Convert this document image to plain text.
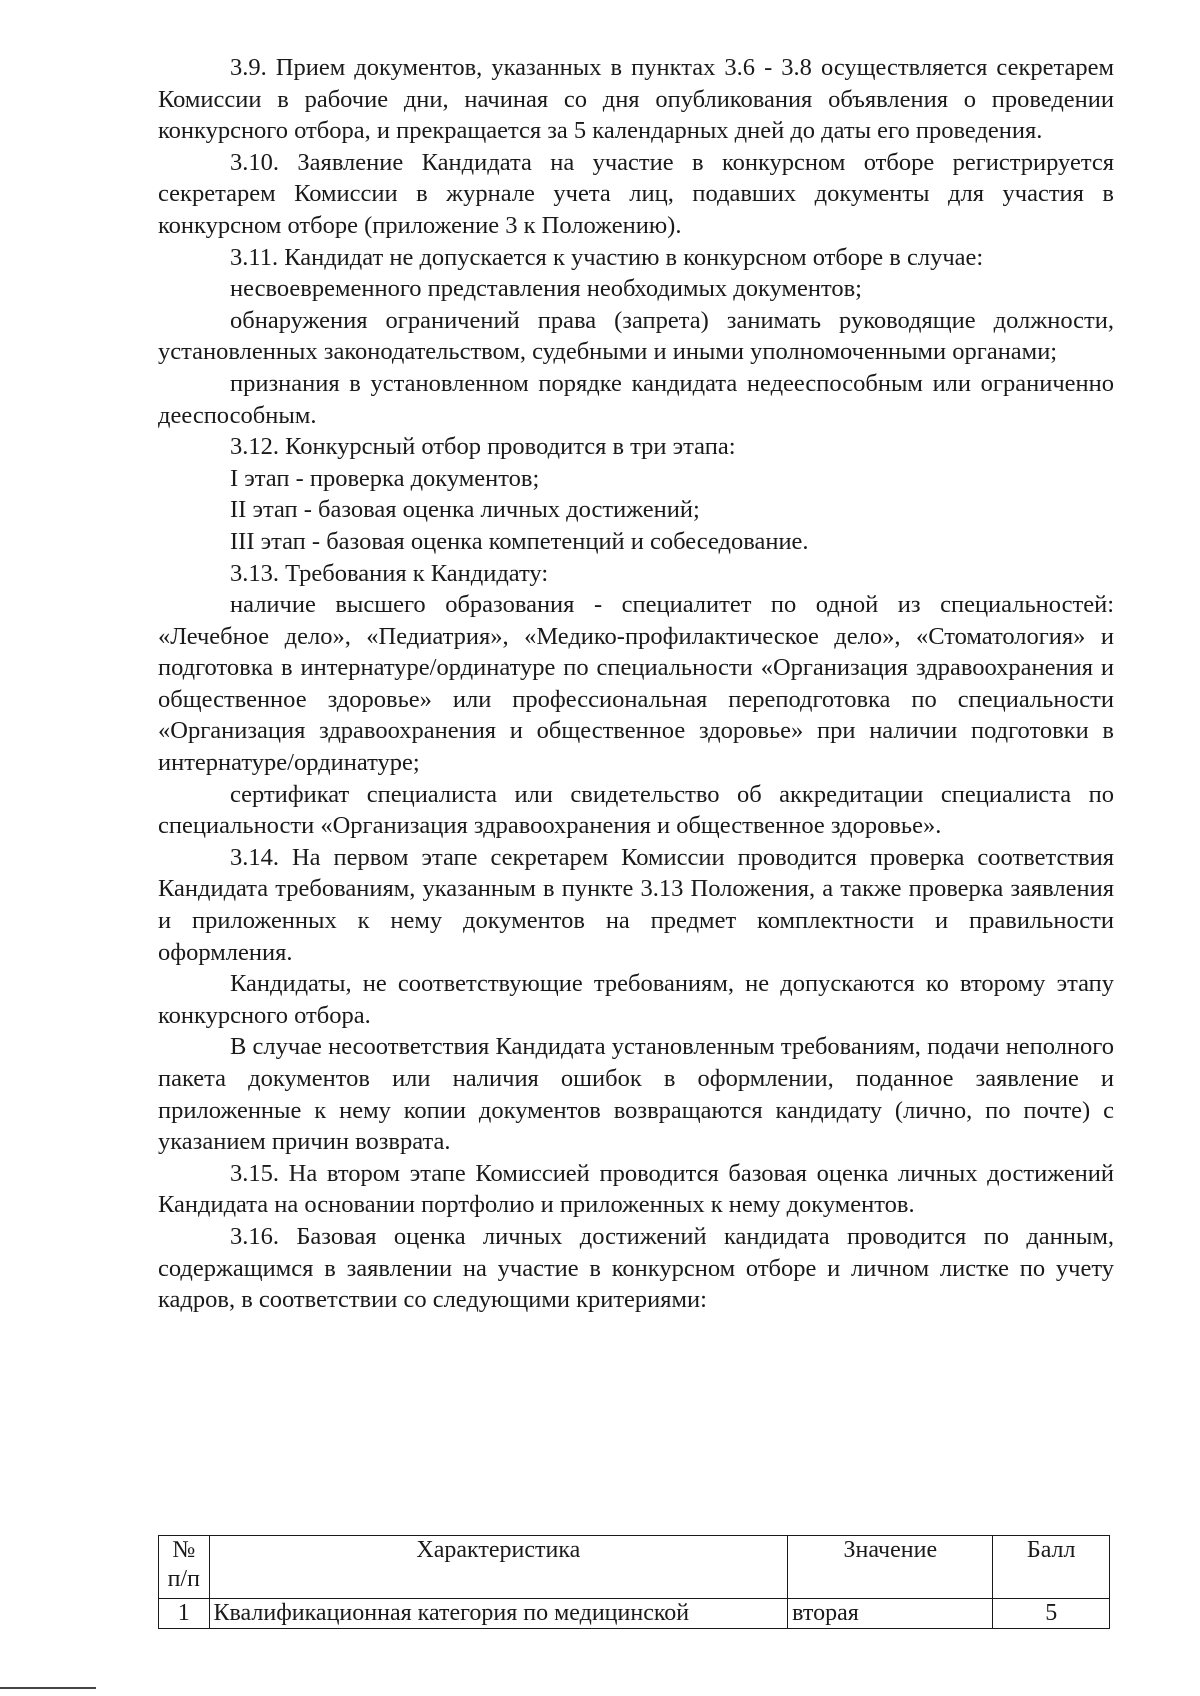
3.9. Прием документов, указанных в пунктах 3.6 - 3.8 осуществляется секретарем Комиссии в рабочие дни, начиная со дня опубликования объявления о проведении конкурсного отбора, и прекращается за 5 календарных дней до даты его проведения.

3.10. Заявление Кандидата на участие в конкурсном отборе регистрируется секретарем Комиссии в журнале учета лиц, подавших документы для участия в конкурсном отборе (приложение 3 к Положению).

3.11. Кандидат не допускается к участию в конкурсном отборе в случае:

несвоевременного представления необходимых документов;

обнаружения ограничений права (запрета) занимать руководящие должности, установленных законодательством, судебными и иными уполномоченными органами;

признания в установленном порядке кандидата недееспособным или ограниченно дееспособным.

3.12. Конкурсный отбор проводится в три этапа:

I этап - проверка документов;

II этап - базовая оценка личных достижений;

III этап - базовая оценка компетенций и собеседование.

3.13. Требования к Кандидату:

наличие высшего образования - специалитет по одной из специальностей: «Лечебное дело», «Педиатрия», «Медико-профилактическое дело», «Стоматология» и подготовка в интернатуре/ординатуре по специальности «Организация здравоохранения и общественное здоровье» или профессиональная переподготовка по специальности «Организация здравоохранения и общественное здоровье» при наличии подготовки в интернатуре/ординатуре;

сертификат специалиста или свидетельство об аккредитации специалиста по специальности «Организация здравоохранения и общественное здоровье».

3.14. На первом этапе секретарем Комиссии проводится проверка соответствия Кандидата требованиям, указанным в пункте 3.13 Положения, а также проверка заявления и приложенных к нему документов на предмет комплектности и правильности оформления.

Кандидаты, не соответствующие требованиям, не допускаются ко второму этапу конкурсного отбора.

В случае несоответствия Кандидата установленным требованиям, подачи неполного пакета документов или наличия ошибок в оформлении, поданное заявление и приложенные к нему копии документов возвращаются кандидату (лично, по почте) с указанием причин возврата.

3.15. На втором этапе Комиссией проводится базовая оценка личных достижений Кандидата на основании портфолио и приложенных к нему документов.

3.16. Базовая оценка личных достижений кандидата проводится по данным, содержащимся в заявлении на участие в конкурсном отборе и личном листке по учету кадров, в соответствии со следующими критериями:

№ п/п	Характеристика	Значение	Балл
1	Квалификационная категория по медицинской	вторая	5
